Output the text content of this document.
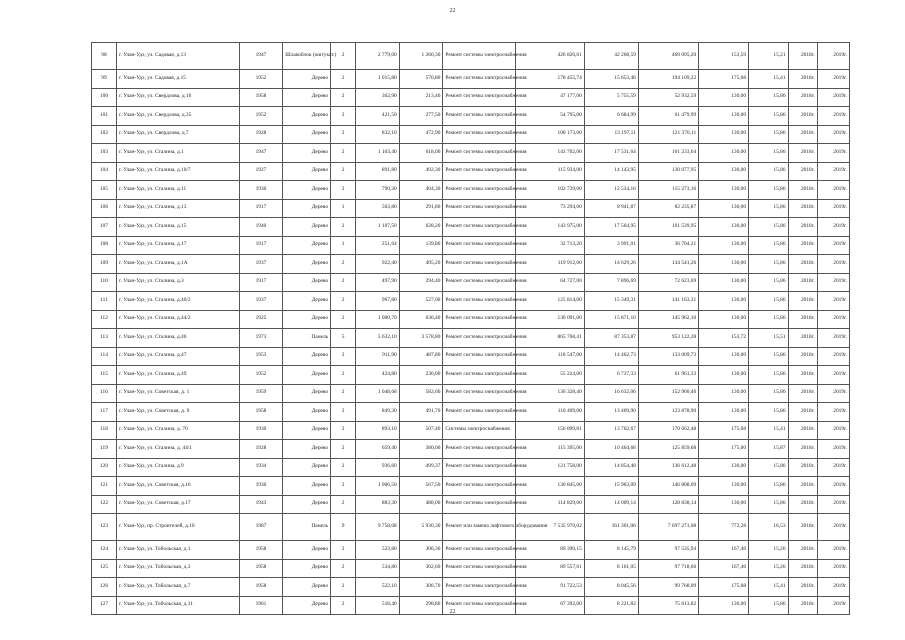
22
98	г. Улан-Удэ, ул. Садовая, д.13	1947	Шлакоблок (оштукат.)	2	2 779,00	1 360,30	Ремонт системы электроснабжения	426 826,61	42 268,59	469 095,20	153,59	15,21	2018г.	2019г.
99	г. Улан-Удэ, ул. Садовая, д.15	1952	Дерево	2	1 015,80	576,80	Ремонт системы электроснабжения	178 455,74	15 653,48	194 109,22	175,68	15,41	2018г.	2019г.
100	г. Улан-Удэ, ул. Свердлова, д.16	1958	Дерево	2	362,90	213,40	Ремонт системы электроснабжения	47 177,00	5 755,59	52 932,59	130,00	15,86	2018г.	2019г.
101	г. Улан-Удэ, ул. Свердлова, д.35	1952	Дерево	2	421,50	277,50	Ремонт системы электроснабжения	54 795,00	6 684,99	61 479,99	130,00	15,86	2018г.	2019г.
102	г. Улан-Удэ, ул. Свердлова, д.7	1928	Дерево	2	832,10	472,90	Ремонт системы электроснабжения	108 173,00	13 197,11	121 370,11	130,00	15,86	2018г.	2019г.
103	г. Улан-Удэ, ул. Сталина, д.1	1947	Дерево	2	1 103,40	618,00	Ремонт системы электроснабжения	143 702,00	17 531,64	161 233,64	130,00	15,86	2018г.	2019г.
104	г. Улан-Удэ, ул. Сталина, д.10/7	1927	Дерево	2	891,80	492,30	Ремонт системы электроснабжения	115 934,00	14 143,95	130 077,95	130,00	15,86	2018г.	2019г.
105	г. Улан-Удэ, ул. Сталина, д.11	1936	Дерево	2	790,30	404,30	Ремонт системы электроснабжения	102 739,00	12 534,16	115 273,16	130,00	15,86	2018г.	2019г.
106	г. Улан-Удэ, ул. Сталина, д.13	1917	Дерево	1	563,80	291,80	Ремонт системы электроснабжения	73 294,00	8 941,87	82 235,87	130,00	15,86	2018г.	2019г.
107	г. Улан-Удэ, ул. Сталина, д.15	1940	Дерево	2	1 107,50	628,20	Ремонт системы электроснабжения	143 975,00	17 564,95	161 539,95	130,00	15,86	2018г.	2019г.
108	г. Улан-Удэ, ул. Сталина, д.17	1917	Дерево	1	251,64	139,80	Ремонт системы электроснабжения	32 713,20	3 991,01	36 704,21	130,00	15,86	2018г.	2019г.
109	г. Улан-Удэ, ул. Сталина, д.1А	1937	Дерево	2	922,40	495,20	Ремонт системы электроснабжения	119 912,00	14 629,26	134 541,26	130,00	15,86	2018г.	2019г.
110	г. Улан-Удэ, ул. Сталина, д.3	1917	Дерево	2	497,90	294,40	Ремонт системы электроснабжения	64 727,00	7 896,69	72 623,69	130,00	15,86	2018г.	2019г.
111	г. Улан-Удэ, ул. Сталина, д.40/2	1937	Дерево	2	967,80	527,00	Ремонт системы электроснабжения	125 814,00	15 349,31	141 163,31	130,00	15,86	2018г.	2019г.
112	г. Улан-Удэ, ул. Сталина, д.44/2	1925	Дерево	2	1 000,70	636,40	Ремонт системы электроснабжения	130 091,00	15 871,10	145 962,10	130,00	15,86	2018г.	2019г.
113	г. Улан-Удэ, ул. Сталина, д.46	1973	Панель	5	5 632,10	3 578,80	Ремонт системы электроснабжения	865 768,41	87 353,87	953 122,28	153,72	15,51	2018г.	2019г.
114	г. Улан-Удэ, ул. Сталина, д.47	1953	Дерево	2	911,90	487,80	Ремонт системы электроснабжения	118 547,00	14 462,73	133 009,73	130,00	15,86	2018г.	2019г.
115	г. Улан-Удэ, ул. Сталина, д.49	1952	Дерево	2	424,80	236,00	Ремонт системы электроснабжения	55 224,00	6 737,33	61 961,33	130,00	15,86	2018г.	2019г.
116	г. Улан-Удэ, ул. Советская, д. 1	1959	Дерево	2	1 048,68	582,60	Ремонт системы электроснабжения	136 328,40	16 632,06	152 960,46	130,00	15,86	2018г.	2019г.
117	г. Улан-Удэ, ул. Советская, д. 9	1958	Дерево	2	849,30	491,70	Ремонт системы электроснабжения	110 409,00	13 469,90	123 878,90	130,00	15,86	2018г.	2019г.
118	г. Улан-Удэ, ул. Сталина, д. 70	1930	Дерево	2	893,10	507,40	Системы электроснабжения	156 899,81	13 762,67	170 662,48	175,68	15,41	2018г.	2019г.
119	г. Улан-Удэ, ул. Сталина, д. 44/1	1928	Дерево	2	659,40	380,00	Ремонт системы электроснабжения	115 395,00	10 464,68	125 859,68	175,00	15,87	2018г.	2019г.
120	г. Улан-Удэ, ул. Сталина, д.9	1934	Дерево	2	936,60	499,37	Ремонт системы электроснабжения	121 758,00	14 854,48	136 612,48	130,00	15,86	2018г.	2019г.
121	г. Улан-Удэ, ул. Советская, д.16	1936	Дерево	2	1 006,50	567,50	Ремонт системы электроснабжения	130 845,00	15 963,09	146 808,09	130,00	15,86	2018г.	2019г.
122	г. Улан-Удэ, ул. Советская, д.17	1943	Дерево	2	883,30	488,00	Ремонт системы электроснабжения	114 829,00	14 009,14	128 838,14	130,00	15,86	2018г.	2019г.
123	г. Улан-Удэ, пр. Строителей, д.10	1987	Панель	9	9 758,08	5 930,30	Ремонт или замена лифтового оборудования	7 535 970,02	161 301,06	7 697 271,08	772,28	16,53	2018г.	2019г.
124	г. Улан-Удэ, ул. Тобольская, д.1	1958	Дерево	2	533,80	306,30	Ремонт системы электроснабжения	89 390,15	8 145,79	97 535,94	167,46	15,26	2018г.	2019г.
125	г. Улан-Удэ, ул. Тобольская, д.3	1958	Дерево	2	534,80	302,60	Ремонт системы электроснабжения	89 557,61	8 161,05	97 718,66	167,46	15,26	2018г.	2019г.
126	г. Улан-Удэ, ул. Тобольская, д.7	1958	Дерево	2	522,10	306,70	Ремонт системы электроснабжения	91 722,53	8 045,56	99 768,09	175,68	15,41	2018г.	2019г.
127	г. Улан-Удэ, ул. Тобольская, д.11	1961	Дерево	2	518,40	298,80	Ремонт системы электроснабжения	67 392,00	8 221,82	75 613,82	130,00	15,86	2018г.	2019г.
22
